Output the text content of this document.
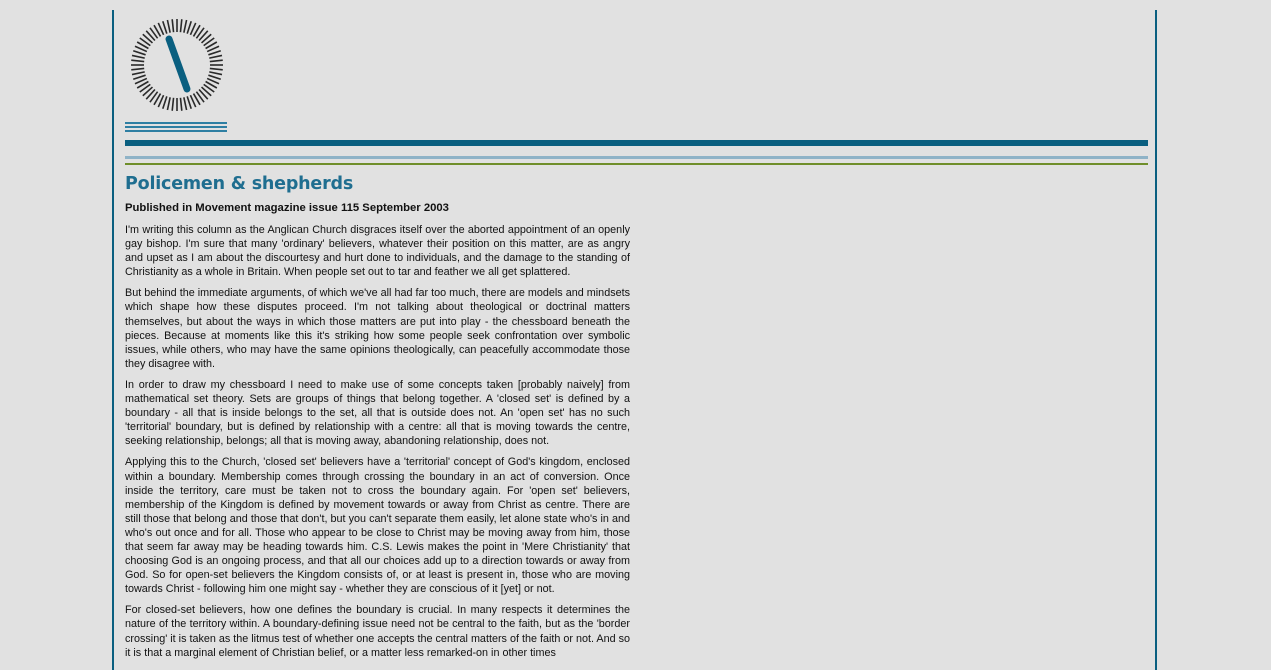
Policemen & shepherds

Published in Movement magazine issue 115 September 2003

I'm writing this column as the Anglican Church disgraces itself over the aborted appointment of an openly gay bishop. I'm sure that many 'ordinary' believers, whatever their position on this matter, are as angry and upset as I am about the discourtesy and hurt done to individuals, and the damage to the standing of Christianity as a whole in Britain. When people set out to tar and feather we all get splattered.

But behind the immediate arguments, of which we've all had far too much, there are models and mindsets which shape how these disputes proceed. I'm not talking about theological or doctrinal matters themselves, but about the ways in which those matters are put into play - the chessboard beneath the pieces. Because at moments like this it's striking how some people seek confrontation over symbolic issues, while others, who may have the same opinions theologically, can peacefully accommodate those they disagree with.

In order to draw my chessboard I need to make use of some concepts taken [probably naively] from mathematical set theory. Sets are groups of things that belong together. A 'closed set' is defined by a boundary - all that is inside belongs to the set, all that is outside does not. An 'open set' has no such 'territorial' boundary, but is defined by relationship with a centre: all that is moving towards the centre, seeking relationship, belongs; all that is moving away, abandoning relationship, does not.

Applying this to the Church, 'closed set' believers have a 'territorial' concept of God's kingdom, enclosed within a boundary. Membership comes through crossing the boundary in an act of conversion. Once inside the territory, care must be taken not to cross the boundary again. For 'open set' believers, membership of the Kingdom is defined by movement towards or away from Christ as centre. There are still those that belong and those that don't, but you can't separate them easily, let alone state who's in and who's out once and for all. Those who appear to be close to Christ may be moving away from him, those that seem far away may be heading towards him. C.S. Lewis makes the point in 'Mere Christianity' that choosing God is an ongoing process, and that all our choices add up to a direction towards or away from God. So for open-set believers the Kingdom consists of, or at least is present in, those who are moving towards Christ - following him one might say - whether they are conscious of it [yet] or not.

For closed-set believers, how one defines the boundary is crucial. In many respects it determines the nature of the territory within. A boundary-defining issue need not be central to the faith, but as the 'border crossing' it is taken as the litmus test of whether one accepts the central matters of the faith or not. And so it is that a marginal element of Christian belief, or a matter less remarked-on in other times
